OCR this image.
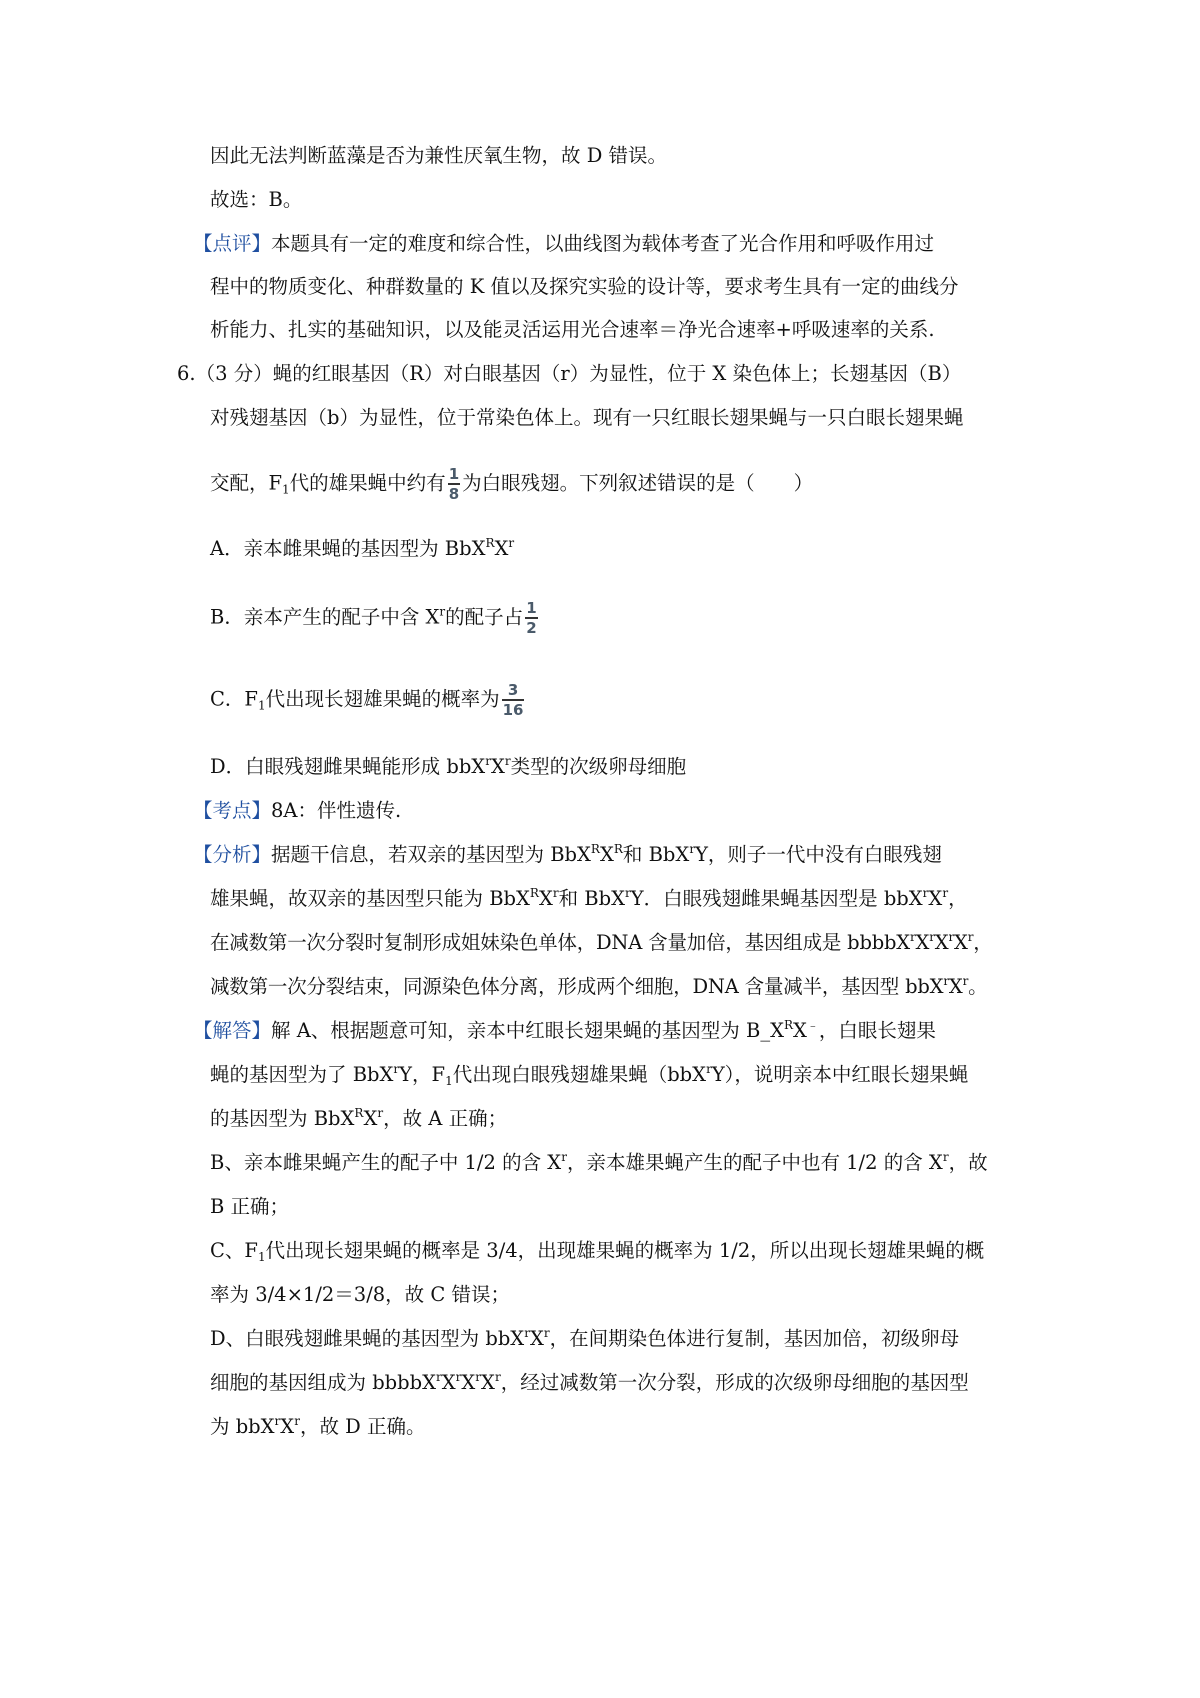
因此无法判断蓝藻是否为兼性厌氧生物，故 D 错误。
故选：B。
【点评】本题具有一定的难度和综合性，以曲线图为载体考查了光合作用和呼吸作用过
程中的物质变化、种群数量的 K 值以及探究实验的设计等，要求考生具有一定的曲线分
析能力、扎实的基础知识，以及能灵活运用光合速率＝净光合速率+呼吸速率的关系.
6.（3 分）蝇的红眼基因（R）对白眼基因（r）为显性，位于 X 染色体上；长翅基因（B）
对残翅基因（b）为显性，位于常染色体上。现有一只红眼长翅果蝇与一只白眼长翅果蝇
交配，$F_1$代的雄果蝇中约有 $\frac{1}{8}$ 为白眼残翅。下列叙述错误的是（　　）
A．亲本雌果蝇的基因型为 $BbX^RX^r$
B．亲本产生的配子中含 $X^r$的配子占 $\frac{1}{2}$
C．$F_1$代出现长翅雄果蝇的概率为 $\frac{3}{16}$
D．白眼残翅雌果蝇能形成 $bbX^rX^r$类型的次级卵母细胞
【考点】8A：伴性遗传.
【分析】据题干信息，若双亲的基因型为 $BbX^RX^R$和 BbX$^r$Y，则子一代中没有白眼残翅
雄果蝇，故双亲的基因型只能为 $BbX^RX^r$和 BbX$^r$Y．白眼残翅雌果蝇基因型是 $bbX^rX^r$，
在减数第一次分裂时复制形成姐妹染色单体，DNA 含量加倍，基因组成是 $bbbbX^rX^rX^rX^r$，
减数第一次分裂结束，同源染色体分离，形成两个细胞，DNA 含量减半，基因型 $bbX^rX^r$。
【解答】解 A、根据题意可知，亲本中红眼长翅果蝇的基因型为 $B\_X^RX^﹣$，白眼长翅果
蝇的基因型为了 BbX$^r$Y，$F_1$代出现白眼残翅雄果蝇（bbX$^r$Y），说明亲本中红眼长翅果蝇
的基因型为 $BbX^RX^r$，故 A 正确；
B、亲本雌果蝇产生的配子中 1/2 的含 $X^r$，亲本雄果蝇产生的配子中也有 1/2 的含 $X^r$，故
B 正确；
C、$F_1$代出现长翅果蝇的概率是 3/4，出现雄果蝇的概率为 1/2，所以出现长翅雄果蝇的概
率为 3/4×1/2＝3/8，故 C 错误；
D、白眼残翅雌果蝇的基因型为 $bbX^rX^r$，在间期染色体进行复制，基因加倍，初级卵母
细胞的基因组成为 $bbbbX^rX^rX^rX^r$，经过减数第一次分裂，形成的次级卵母细胞的基因型
为 $bbX^rX^r$，故 D 正确。
